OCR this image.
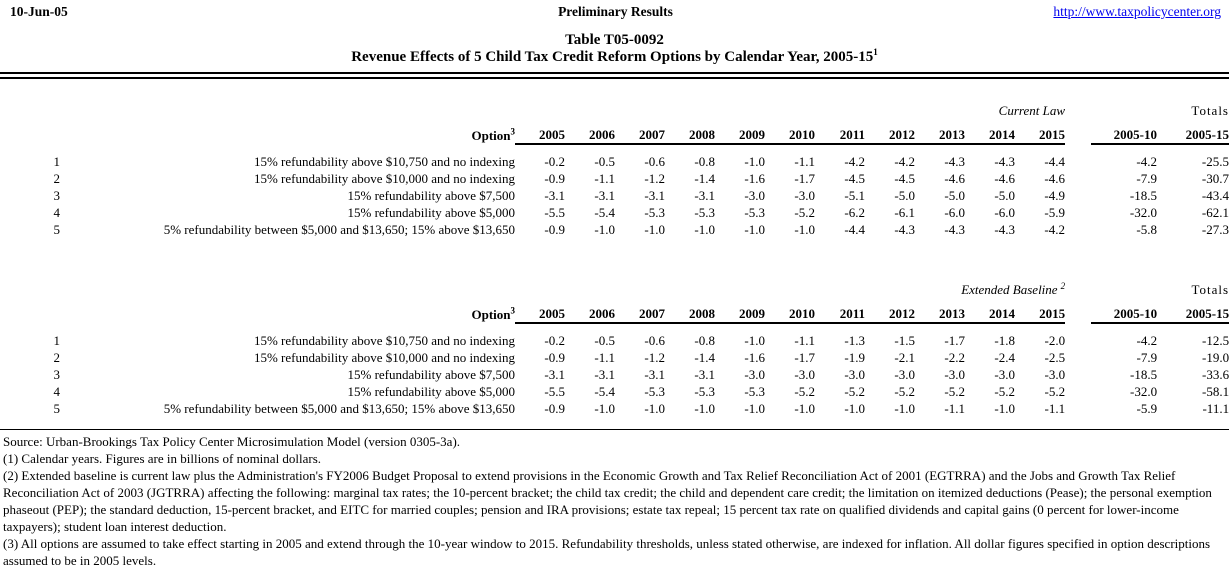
10-Jun-05	Preliminary Results	http://www.taxpolicycenter.org
Table T05-0092
Revenue Effects of 5 Child Tax Credit Reform Options by Calendar Year, $2005-15^1$
		Current Law												Totals	
Option$^3$		2005	2006	2007	2008	2009	2010	2011	2012	2013	2014	2015		2005-10	2005-15
1	15% refundability above $10,750 and no indexing	-0.2	-0.5	-0.6	-0.8	-1.0	-1.1	-4.2	-4.2	-4.3	-4.3	-4.4		-4.2	-25.5
2	15% refundability above $10,000 and no indexing	-0.9	-1.1	-1.2	-1.4	-1.6	-1.7	-4.5	-4.5	-4.6	-4.6	-4.6		-7.9	-30.7
3	15% refundability above $7,500	-3.1	-3.1	-3.1	-3.1	-3.0	-3.0	-5.1	-5.0	-5.0	-5.0	-4.9		-18.5	-43.4
4	15% refundability above $5,000	-5.5	-5.4	-5.3	-5.3	-5.3	-5.2	-6.2	-6.1	-6.0	-6.0	-5.9		-32.0	-62.1
5	5% refundability between $5,000 and $13,650; 15% above $13,650	-0.9	-1.0	-1.0	-1.0	-1.0	-1.0	-4.4	-4.3	-4.3	-4.3	-4.2		-5.8	-27.3
		Extended Baseline $^2$												Totals	
Option$^3$		2005	2006	2007	2008	2009	2010	2011	2012	2013	2014	2015		2005-10	2005-15
1	15% refundability above $10,750 and no indexing	-0.2	-0.5	-0.6	-0.8	-1.0	-1.1	-1.3	-1.5	-1.7	-1.8	-2.0		-4.2	-12.5
2	15% refundability above $10,000 and no indexing	-0.9	-1.1	-1.2	-1.4	-1.6	-1.7	-1.9	-2.1	-2.2	-2.4	-2.5		-7.9	-19.0
3	15% refundability above $7,500	-3.1	-3.1	-3.1	-3.1	-3.0	-3.0	-3.0	-3.0	-3.0	-3.0	-3.0		-18.5	-33.6
4	15% refundability above $5,000	-5.5	-5.4	-5.3	-5.3	-5.3	-5.2	-5.2	-5.2	-5.2	-5.2	-5.2		-32.0	-58.1
5	5% refundability between $5,000 and $13,650; 15% above $13,650	-0.9	-1.0	-1.0	-1.0	-1.0	-1.0	-1.0	-1.0	-1.1	-1.0	-1.1		-5.9	-11.1
Source: Urban-Brookings Tax Policy Center Microsimulation Model (version 0305-3a).
(1) Calendar years. Figures are in billions of nominal dollars.
(2) Extended baseline is current law plus the Administration's FY2006 Budget Proposal to extend provisions in the Economic Growth and Tax Relief Reconciliation Act of 2001 (EGTRRA) and the Jobs and Growth Tax Relief Reconciliation Act of 2003 (JGTRRA) affecting the following: marginal tax rates; the 10-percent bracket; the child tax credit; the child and dependent care credit; the limitation on itemized deductions (Pease); the personal exemption phaseout (PEP); the standard deduction, 15-percent bracket, and EITC for married couples; pension and IRA provisions; estate tax repeal; 15 percent tax rate on qualified dividends and capital gains (0 percent for lower-income taxpayers); student loan interest deduction.
(3) All options are assumed to take effect starting in 2005 and extend through the 10-year window to 2015. Refundability thresholds, unless stated otherwise, are indexed for inflation. All dollar figures specified in option descriptions assumed to be in 2005 levels.
